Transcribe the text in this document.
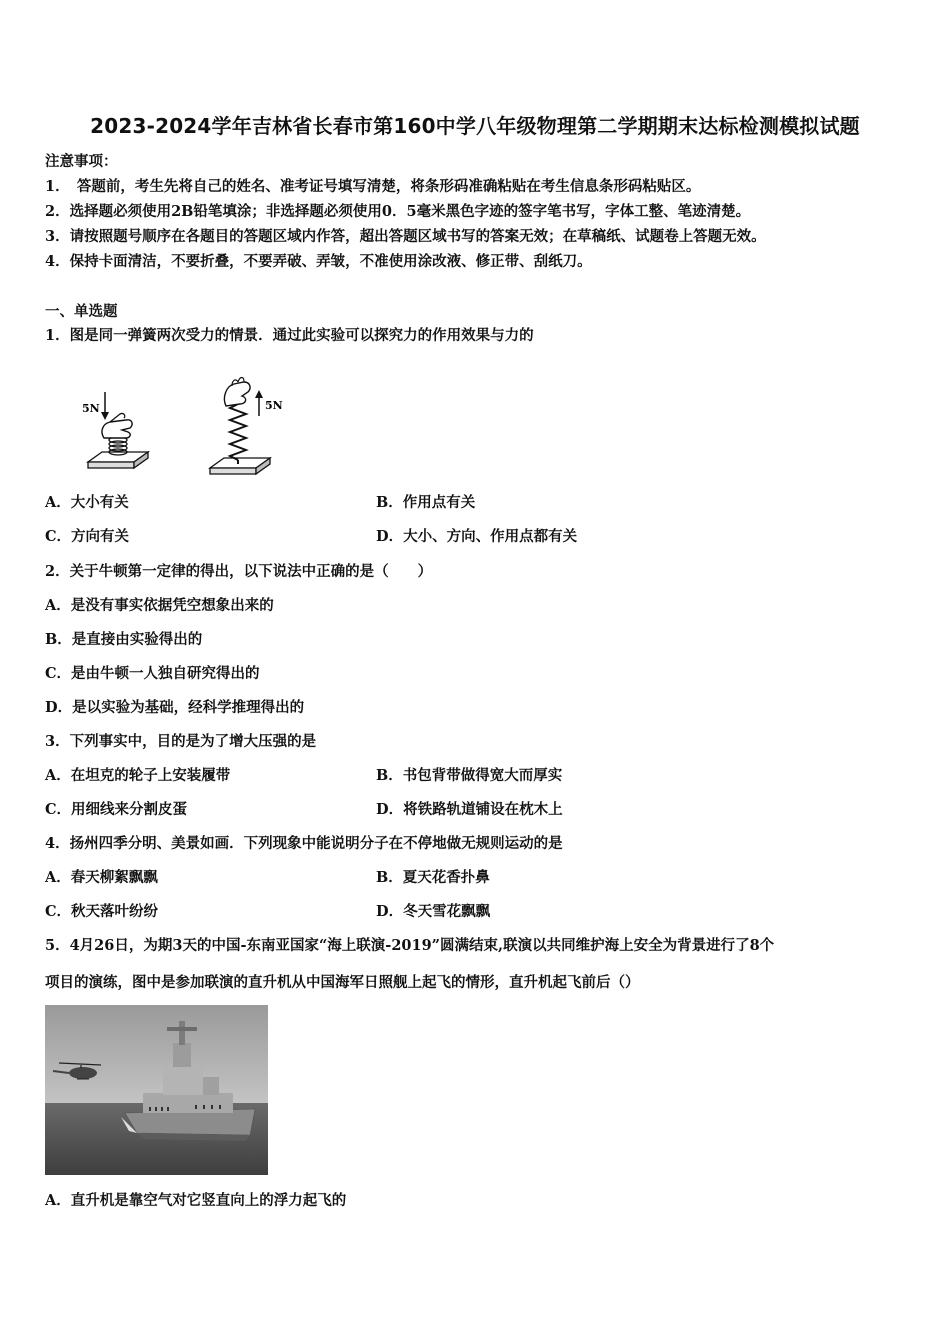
2023-2024学年吉林省长春市第160中学八年级物理第二学期期末达标检测模拟试题
注意事项：
1．　答题前，考生先将自己的姓名、准考证号填写清楚，将条形码准确粘贴在考生信息条形码粘贴区。
2．选择题必须使用2B铅笔填涂；非选择题必须使用0．5毫米黑色字迹的签字笔书写，字体工整、笔迹清楚。
3．请按照题号顺序在各题目的答题区域内作答，超出答题区域书写的答案无效；在草稿纸、试题卷上答题无效。
4．保持卡面清洁，不要折叠，不要弄破、弄皱，不准使用涂改液、修正带、刮纸刀。
一、单选题
1．图是同一弹簧两次受力的情景．通过此实验可以探究力的作用效果与力的
5N	5N
A．大小有关	B．作用点有关
C．方向有关	D．大小、方向、作用点都有关
2．关于牛顿第一定律的得出，以下说法中正确的是（　　）
A．是没有事实依据凭空想象出来的
B．是直接由实验得出的
C．是由牛顿一人独自研究得出的
D．是以实验为基础，经科学推理得出的
3．下列事实中，目的是为了增大压强的是
A．在坦克的轮子上安装履带	B．书包背带做得宽大而厚实
C．用细线来分割皮蛋	D．将铁路轨道铺设在枕木上
4．扬州四季分明、美景如画．下列现象中能说明分子在不停地做无规则运动的是
A．春天柳絮飘飘	B．夏天花香扑鼻
C．秋天落叶纷纷	D．冬天雪花飘飘
5．4月26日，为期3天的中国-东南亚国家“海上联演-2019”圆满结束,联演以共同维护海上安全为背景进行了8个
项目的演练，图中是参加联演的直升机从中国海军日照舰上起飞的情形，直升机起飞前后（）
A．直升机是靠空气对它竖直向上的浮力起飞的
